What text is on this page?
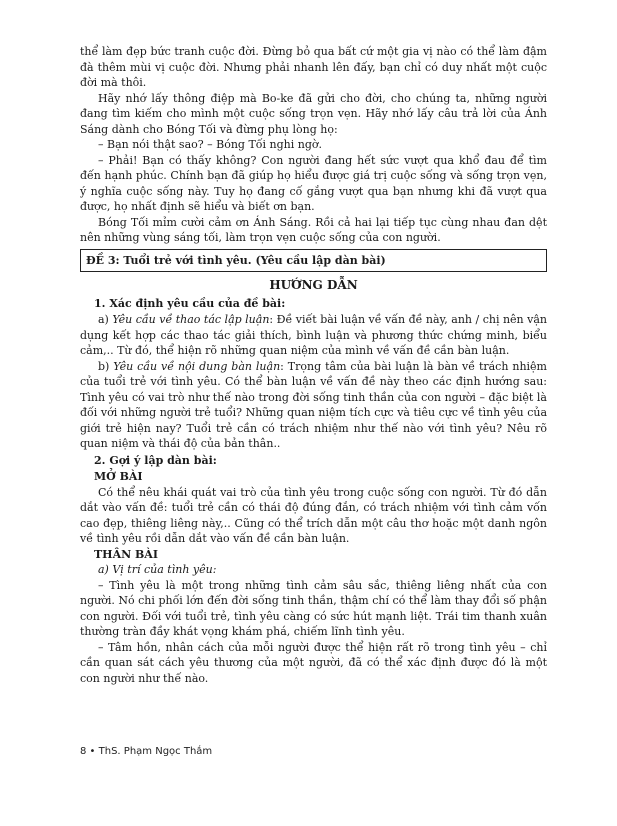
thể làm đẹp bức tranh cuộc đời. Đừng bỏ qua bất cứ một gia vị nào có thể làm đậm đà thêm mùi vị cuộc đời. Nhưng phải nhanh lên đấy, bạn chỉ có duy nhất một cuộc đời mà thôi.

Hãy nhớ lấy thông điệp mà Bo-ke đã gửi cho đời, cho chúng ta, những người đang tìm kiếm cho mình một cuộc sống trọn vẹn. Hãy nhớ lấy câu trả lời của Ánh Sáng dành cho Bóng Tối và đừng phụ lòng họ:

– Bạn nói thật sao? – Bóng Tối nghi ngờ.

– Phải! Bạn có thấy không? Con người đang hết sức vượt qua khổ đau để tìm đến hạnh phúc. Chính bạn đã giúp họ hiểu được giá trị cuộc sống và sống trọn vẹn, ý nghĩa cuộc sống này. Tuy họ đang cố gắng vượt qua bạn nhưng khi đã vượt qua được, họ nhất định sẽ hiểu và biết ơn bạn.

Bóng Tối mỉm cười cảm ơn Ánh Sáng. Rồi cả hai lại tiếp tục cùng nhau đan dệt nên những vùng sáng tối, làm trọn vẹn cuộc sống của con người.

ĐỀ 3: Tuổi trẻ với tình yêu. (Yêu cầu lập dàn bài)
HƯỚNG DẪN

1. Xác định yêu cầu của đề bài:

a) Yêu cầu về thao tác lập luận: Đề viết bài luận về vấn đề này, anh / chị nên vận dụng kết hợp các thao tác giải thích, bình luận và phương thức chứng minh, biểu cảm,.. Từ đó, thể hiện rõ những quan niệm của mình về vấn đề cần bàn luận.

b) Yêu cầu về nội dung bàn luận: Trọng tâm của bài luận là bàn về trách nhiệm của tuổi trẻ với tình yêu. Có thể bàn luận về vấn đề này theo các định hướng sau: Tình yêu có vai trò như thế nào trong đời sống tinh thần của con người – đặc biệt là đối với những người trẻ tuổi? Những quan niệm tích cực và tiêu cực về tình yêu của giới trẻ hiện nay? Tuổi trẻ cần có trách nhiệm như thế nào với tình yêu? Nêu rõ quan niệm và thái độ của bản thân..

2. Gợi ý lập dàn bài:

MỞ BÀI

Có thể nêu khái quát vai trò của tình yêu trong cuộc sống con người. Từ đó dẫn dắt vào vấn đề: tuổi trẻ cần có thái độ đúng đắn, có trách nhiệm với tình cảm vốn cao đẹp, thiêng liêng này,.. Cũng có thể trích dẫn một câu thơ hoặc một danh ngôn về tình yêu rồi dẫn dắt vào vấn đề cần bàn luận.

THÂN BÀI

a) Vị trí của tình yêu:

– Tình yêu là một trong những tình cảm sâu sắc, thiêng liêng nhất của con người. Nó chi phối lớn đến đời sống tinh thần, thậm chí có thể làm thay đổi số phận con người. Đối với tuổi trẻ, tình yêu càng có sức hút mạnh liệt. Trái tim thanh xuân thường tràn đầy khát vọng khám phá, chiếm lĩnh tình yêu.

– Tâm hồn, nhân cách của mỗi người được thể hiện rất rõ trong tình yêu – chỉ cần quan sát cách yêu thương của một người, đã có thể xác định được đó là một con người như thế nào.

8 • ThS. Phạm Ngọc Thắm
